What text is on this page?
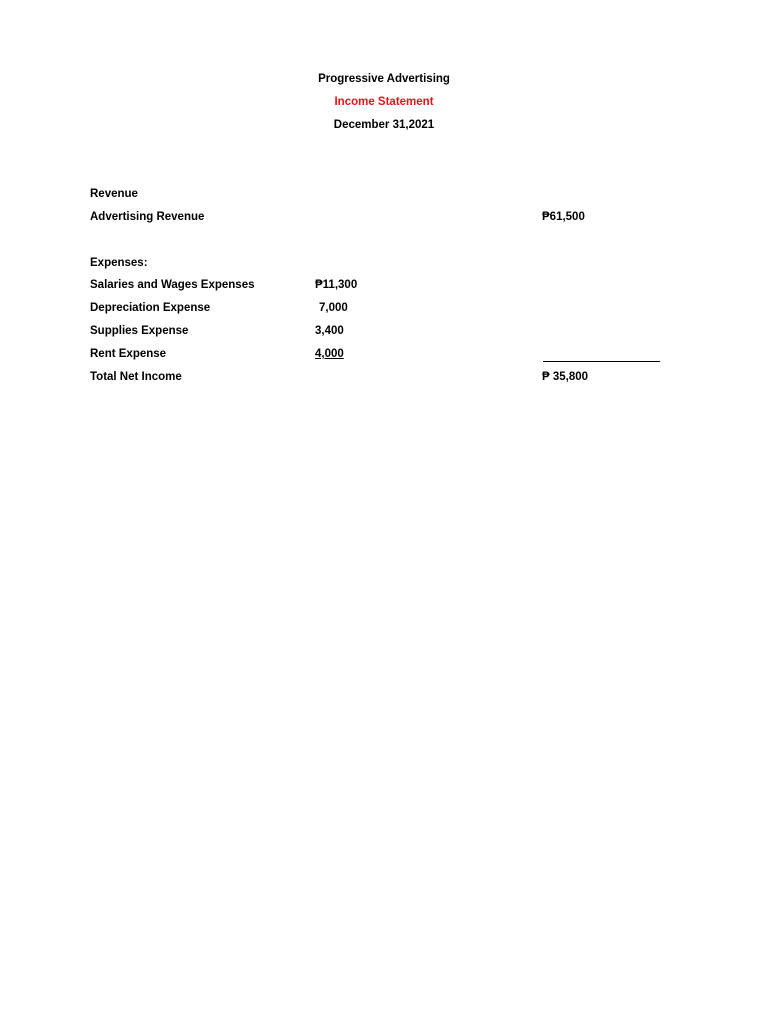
Progressive Advertising
Income Statement
December 31,2021
Revenue
Advertising Revenue	₱61,500
Expenses:
Salaries and Wages Expenses	₱11,300
Depreciation Expense	7,000
Supplies Expense	3,400
Rent Expense	4,000
Total Net Income	₱ 35,800
